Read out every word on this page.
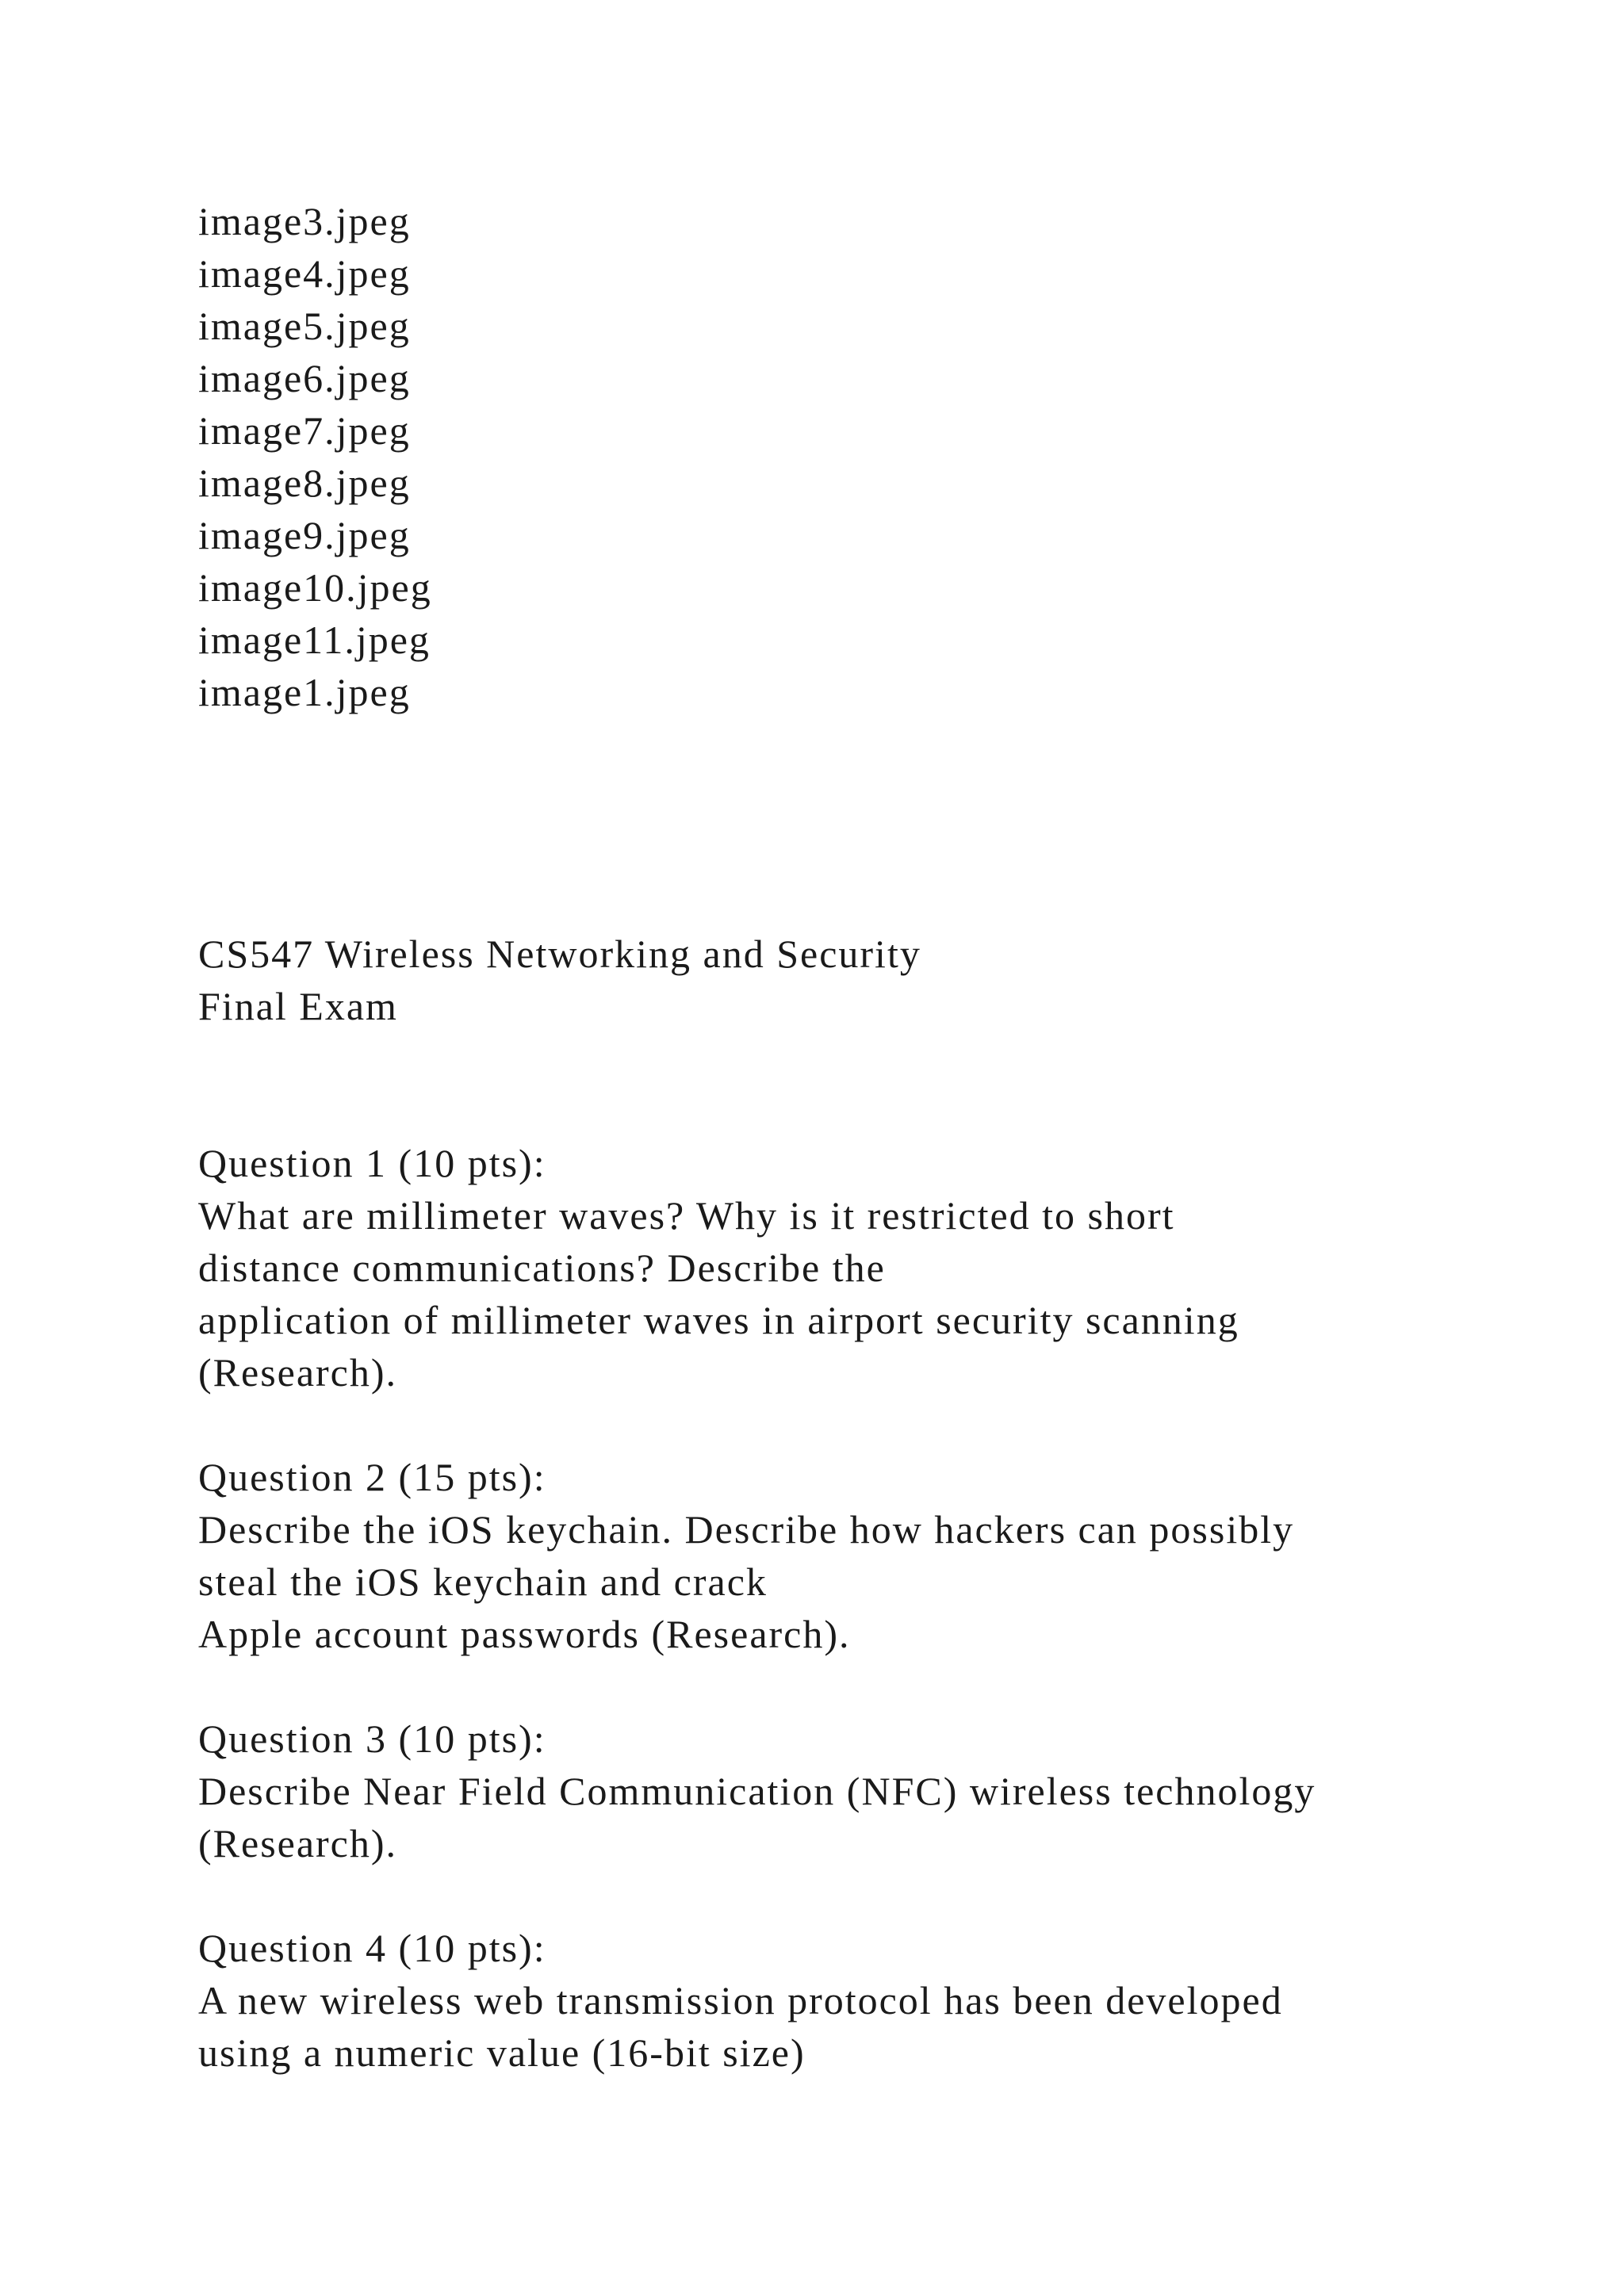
image3.jpeg
image4.jpeg
image5.jpeg
image6.jpeg
image7.jpeg
image8.jpeg
image9.jpeg
image10.jpeg
image11.jpeg
image1.jpeg
CS547 Wireless Networking and Security
Final Exam
Question 1 (10 pts):
What are millimeter waves? Why is it restricted to short
distance communications? Describe the
application of millimeter waves in airport security scanning
(Research).
Question 2 (15 pts):
Describe the iOS keychain. Describe how hackers can possibly
steal the iOS keychain and crack
Apple account passwords (Research).
Question 3 (10 pts):
Describe Near Field Communication (NFC) wireless technology
(Research).
Question 4 (10 pts):
A new wireless web transmission protocol has been developed
using a numeric value (16-bit size)
